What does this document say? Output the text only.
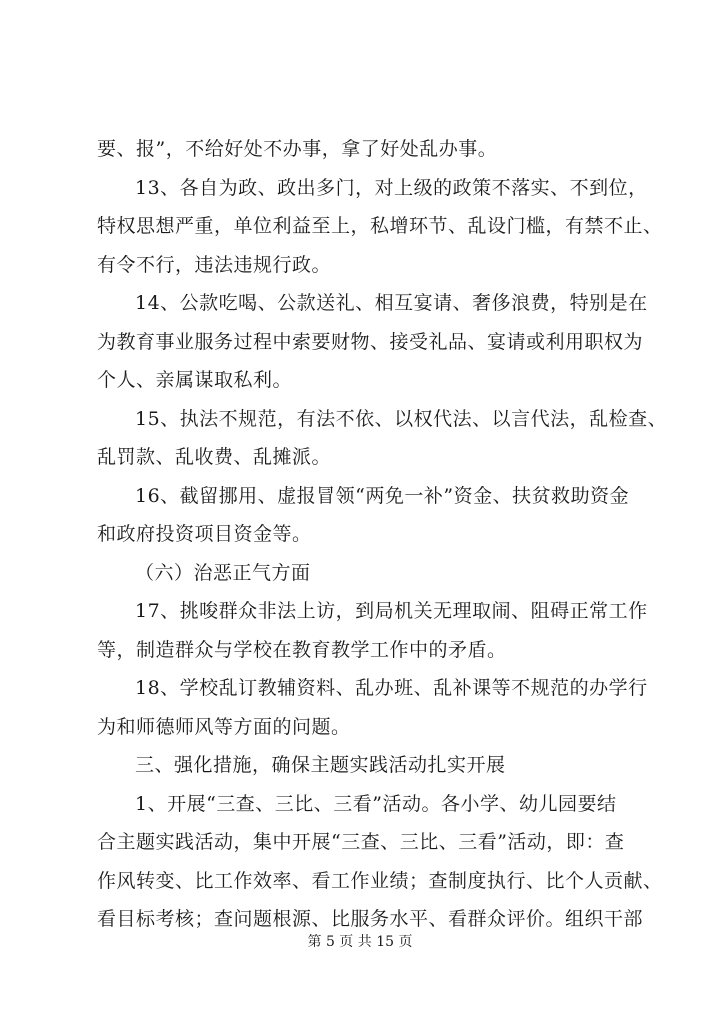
要、报”，不给好处不办事，拿了好处乱办事。
13、各自为政、政出多门，对上级的政策不落实、不到位，
特权思想严重，单位利益至上，私增环节、乱设门槛，有禁不止、
有令不行，违法违规行政。
14、公款吃喝、公款送礼、相互宴请、奢侈浪费，特别是在
为教育事业服务过程中索要财物、接受礼品、宴请或利用职权为
个人、亲属谋取私利。
15、执法不规范，有法不依、以权代法、以言代法，乱检查、
乱罚款、乱收费、乱摊派。
16、截留挪用、虚报冒领“两免一补”资金、扶贫救助资金
和政府投资项目资金等。
（六）治恶正气方面
17、挑唆群众非法上访，到局机关无理取闹、阻碍正常工作
等，制造群众与学校在教育教学工作中的矛盾。
18、学校乱订教辅资料、乱办班、乱补课等不规范的办学行
为和师德师风等方面的问题。
三、强化措施，确保主题实践活动扎实开展
1、开展“三查、三比、三看”活动。各小学、幼儿园要结
合主题实践活动，集中开展“三查、三比、三看”活动，即：查
作风转变、比工作效率、看工作业绩；查制度执行、比个人贡献、
看目标考核；查问题根源、比服务水平、看群众评价。组织干部
第 5 页 共 15 页
